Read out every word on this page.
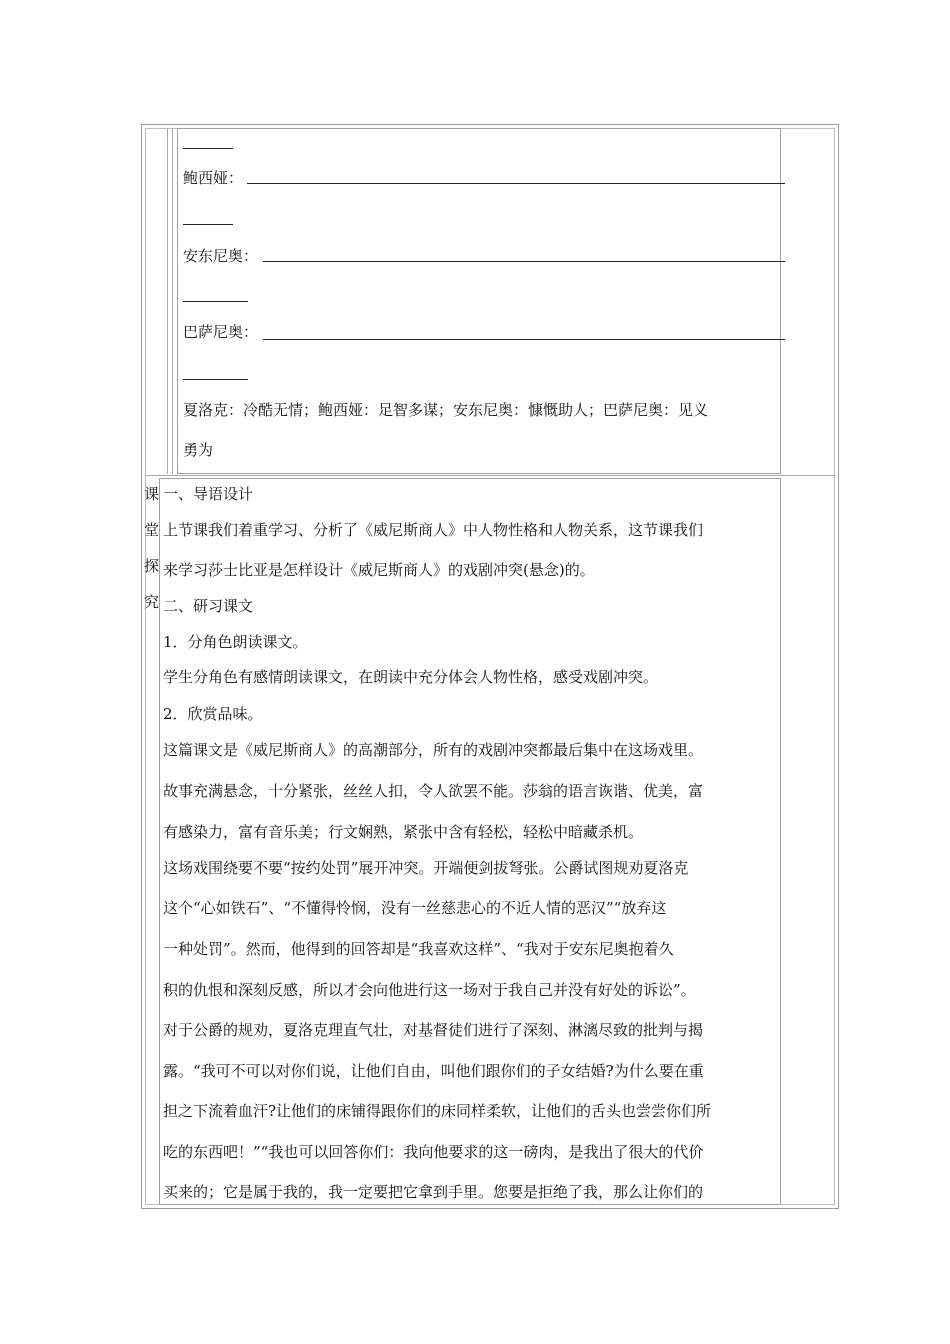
鲍西娅：
安东尼奥：
巴萨尼奥：
夏洛克：冷酷无情；鲍西娅：足智多谋；安东尼奥：慷慨助人；巴萨尼奥：见义
勇为
课
堂
探
究
一、导语设计
上节课我们着重学习、分析了《威尼斯商人》中人物性格和人物关系，这节课我们
来学习莎士比亚是怎样设计《威尼斯商人》的戏剧冲突(悬念)的。
二、研习课文
1．分角色朗读课文。
学生分角色有感情朗读课文，在朗读中充分体会人物性格，感受戏剧冲突。
2．欣赏品味。
这篇课文是《威尼斯商人》的高潮部分，所有的戏剧冲突都最后集中在这场戏里。
故事充满悬念，十分紧张，丝丝人扣，令人欲罢不能。莎翁的语言诙谐、优美，富
有感染力，富有音乐美；行文娴熟，紧张中含有轻松，轻松中暗藏杀机。
这场戏围绕要不要“按约处罚”展开冲突。开端便剑拔弩张。公爵试图规劝夏洛克
这个“心如铁石”、“不懂得怜悯，没有一丝慈悲心的不近人情的恶汉”“放弃这
一种处罚”。然而，他得到的回答却是“我喜欢这样”、“我对于安东尼奥抱着久
积的仇恨和深刻反感，所以才会向他进行这一场对于我自己并没有好处的诉讼”。
对于公爵的规劝，夏洛克理直气壮，对基督徒们进行了深刻、淋漓尽致的批判与揭
露。“我可不可以对你们说，让他们自由，叫他们跟你们的子女结婚?为什么要在重
担之下流着血汗?让他们的床铺得跟你们的床同样柔软，让他们的舌头也尝尝你们所
吃的东西吧！”“我也可以回答你们：我向他要求的这一磅肉，是我出了很大的代价
买来的；它是属于我的，我一定要把它拿到手里。您要是拒绝了我，那么让你们的
